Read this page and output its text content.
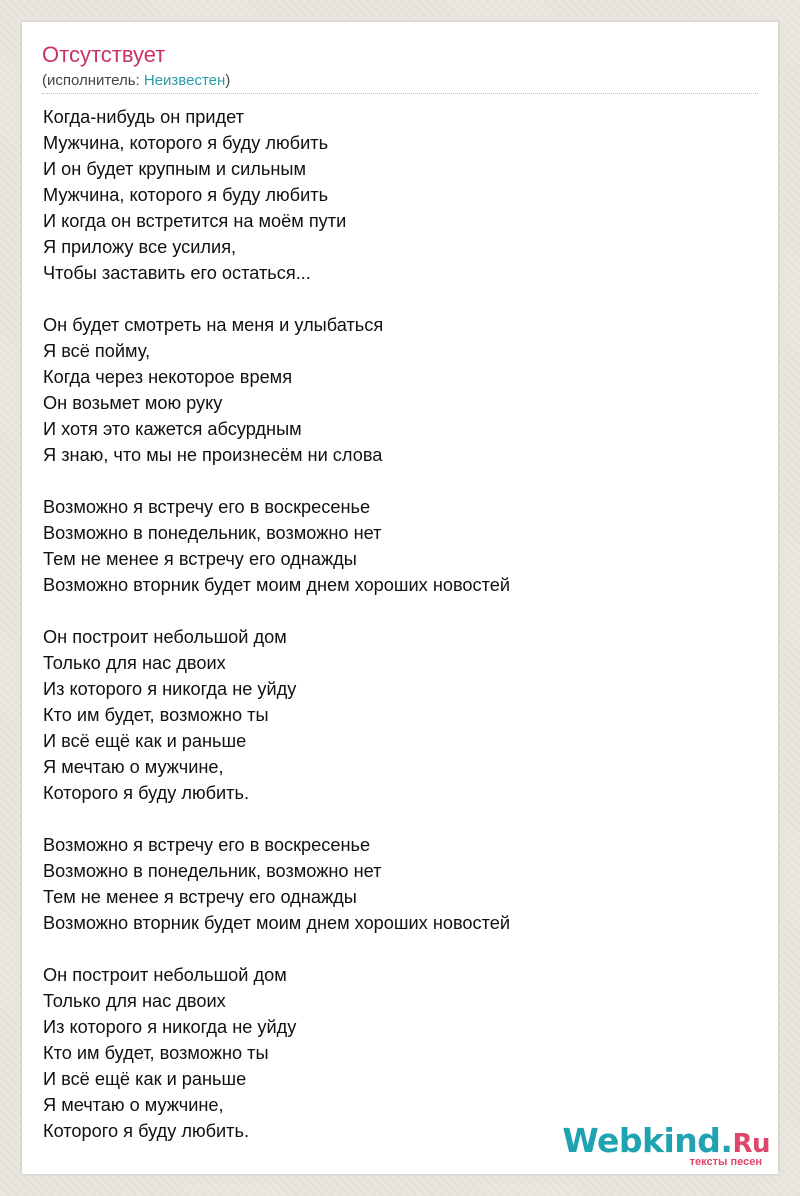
Отсутствует
(исполнитель: Неизвестен)
Когда-нибудь он придет
Мужчина, которого я буду любить
И он будет крупным и сильным
Мужчина, которого я буду любить
И когда он встретится на моём пути
Я приложу все усилия,
Чтобы заставить его остаться...
Он будет смотреть на меня и улыбаться
Я всё пойму,
Когда через некоторое время
Он возьмет мою руку
И хотя это кажется абсурдным
Я знаю, что мы не произнесём ни слова
Возможно я встречу его в воскресенье
Возможно в понедельник, возможно нет
Тем не менее я встречу его однажды
Возможно вторник будет моим днем хороших новостей
Он построит небольшой дом
Только для нас двоих
Из которого я никогда не уйду
Кто им будет, возможно ты
И всё ещё как и раньше
Я мечтаю о мужчине,
Которого я буду любить.
Возможно я встречу его в воскресенье
Возможно в понедельник, возможно нет
Тем не менее я встречу его однажды
Возможно вторник будет моим днем хороших новостей
Он построит небольшой дом
Только для нас двоих
Из которого я никогда не уйду
Кто им будет, возможно ты
И всё ещё как и раньше
Я мечтаю о мужчине,
Которого я буду любить.	Webkind.Ru
тексты песен
